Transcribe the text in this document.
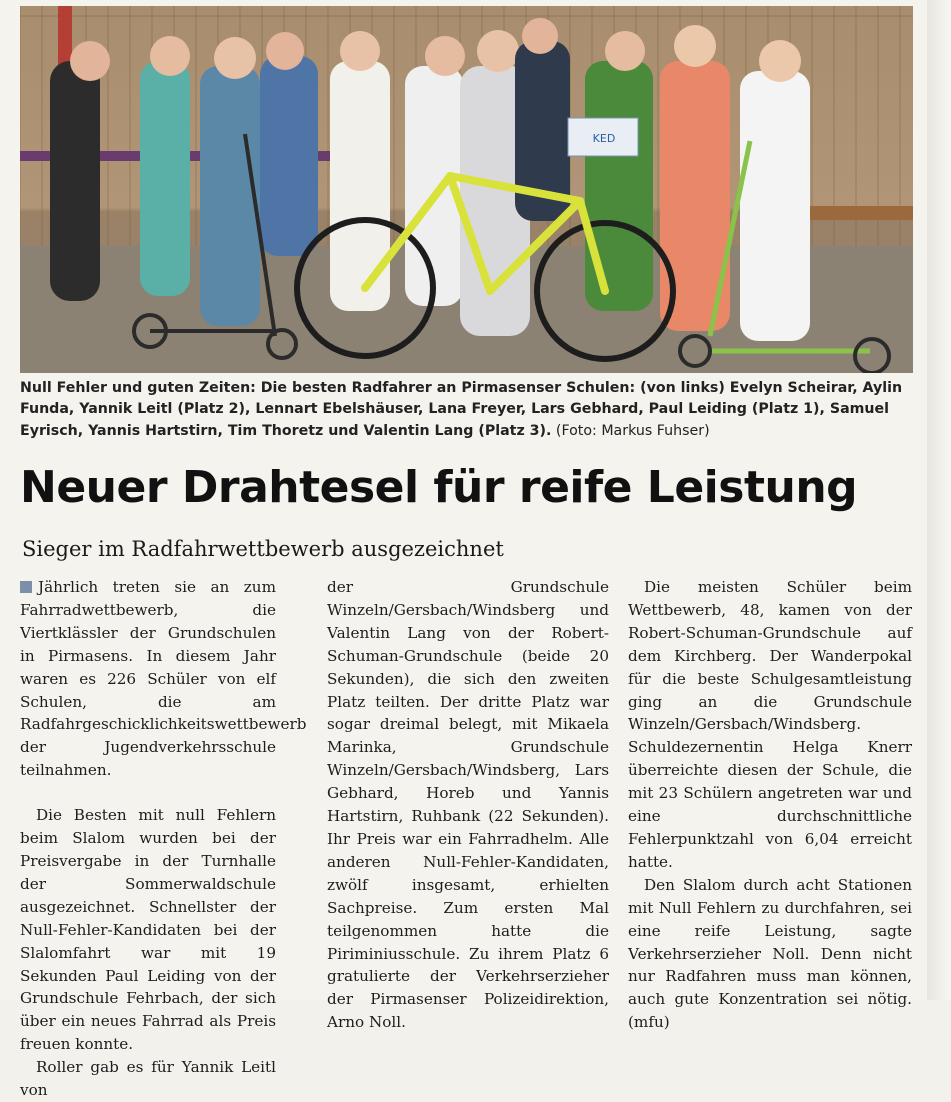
KED
Null Fehler und guten Zeiten: Die besten Radfahrer an Pirmasenser Schulen: (von links) Evelyn Scheirar, Aylin Funda, Yannik Leitl (Platz 2), Lennart Ebelshäuser, Lana Freyer, Lars Gebhard, Paul Leiding (Platz 1), Samuel Eyrisch, Yannis Hartstirn, Tim Thoretz und Valentin Lang (Platz 3). (Foto: Markus Fuhser)
Neuer Drahtesel für reife Leistung
Sieger im Radfahrwettbewerb ausgezeichnet

Jährlich treten sie an zum Fahrradwettbewerb, die Viertklässler der Grundschulen in Pirmasens. In diesem Jahr waren es 226 Schüler von elf Schulen, die am Radfahrgeschicklichkeitswettbewerb der Jugendverkehrsschule teilnahmen.

Die Besten mit null Fehlern beim Slalom wurden bei der Preisvergabe in der Turnhalle der Sommerwaldschule ausgezeichnet. Schnellster der Null-Fehler-Kandidaten bei der Slalomfahrt war mit 19 Sekunden Paul Leiding von der Grundschule Fehrbach, der sich über ein neues Fahrrad als Preis freuen konnte.

Roller gab es für Yannik Leitl von

der Grundschule Winzeln/Gersbach/Windsberg und Valentin Lang von der Robert-Schuman-Grundschule (beide 20 Sekunden), die sich den zweiten Platz teilten. Der dritte Platz war sogar dreimal belegt, mit Mikaela Marinka, Grundschule Winzeln/Gersbach/Windsberg, Lars Gebhard, Horeb und Yannis Hartstirn, Ruhbank (22 Sekunden). Ihr Preis war ein Fahrradhelm. Alle anderen Null-Fehler-Kandidaten, zwölf insgesamt, erhielten Sachpreise. Zum ersten Mal teilgenommen hatte die Piriminiusschule. Zu ihrem Platz 6 gratulierte der Verkehrserzieher der Pirmasenser Polizeidirektion, Arno Noll.

Die meisten Schüler beim Wettbewerb, 48, kamen von der Robert-Schuman-Grundschule auf dem Kirchberg. Der Wanderpokal für die beste Schulgesamtleistung ging an die Grundschule Winzeln/Gersbach/Windsberg. Schuldezernentin Helga Knerr überreichte diesen der Schule, die mit 23 Schülern angetreten war und eine durchschnittliche Fehlerpunktzahl von 6,04 erreicht hatte.

Den Slalom durch acht Stationen mit Null Fehlern zu durchfahren, sei eine reife Leistung, sagte Verkehrserzieher Noll. Denn nicht nur Radfahren muss man können, auch gute Konzentration sei nötig. (mfu)
